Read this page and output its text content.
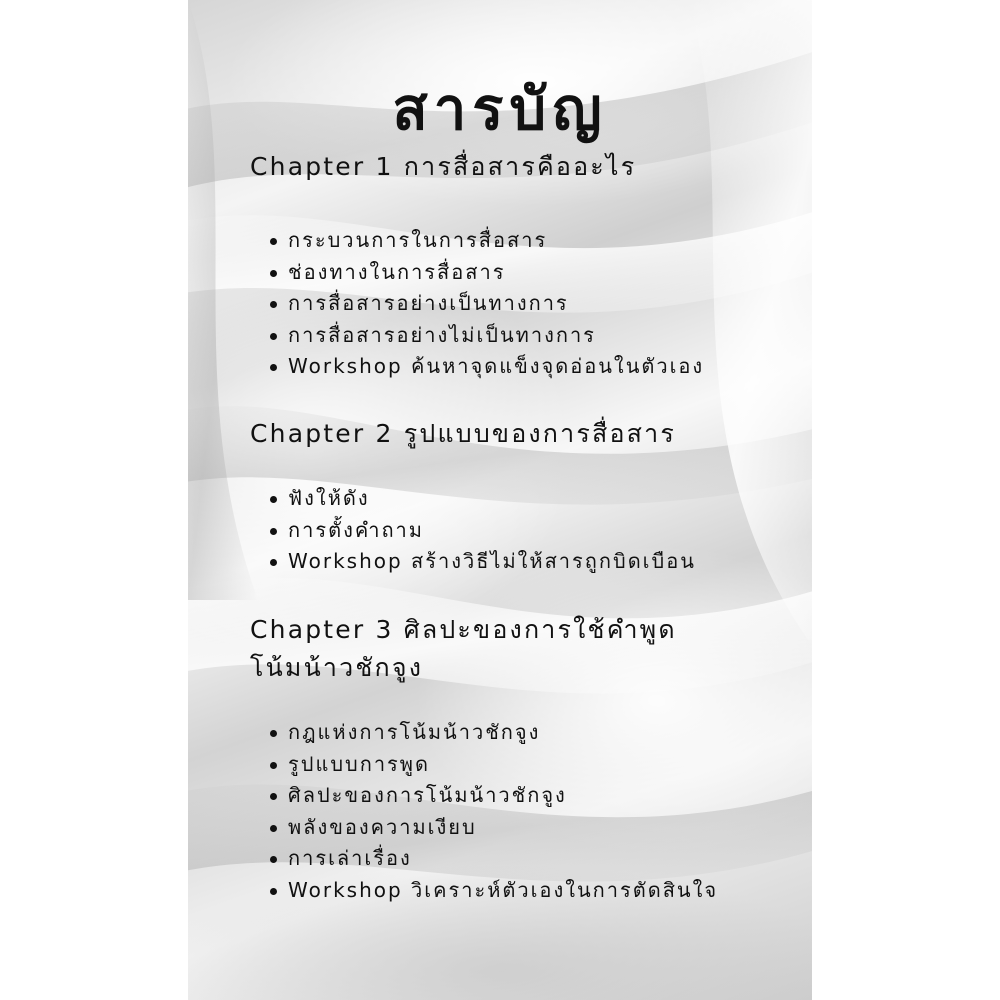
สารบัญ
Chapter 1 การสื่อสารคืออะไร
กระบวนการในการสื่อสาร
ช่องทางในการสื่อสาร
การสื่อสารอย่างเป็นทางการ
การสื่อสารอย่างไม่เป็นทางการ
Workshop ค้นหาจุดแข็งจุดอ่อนในตัวเอง
Chapter 2 รูปแบบของการสื่อสาร
ฟังให้ดัง
การตั้งคำถาม
Workshop สร้างวิธีไม่ให้สารถูกบิดเบือน
Chapter 3 ศิลปะของการใช้คำพูด
โน้มน้าวชักจูง
กฎแห่งการโน้มน้าวชักจูง
รูปแบบการพูด
ศิลปะของการโน้มน้าวชักจูง
พลังของความเงียบ
การเล่าเรื่อง
Workshop วิเคราะห์ตัวเองในการตัดสินใจ
